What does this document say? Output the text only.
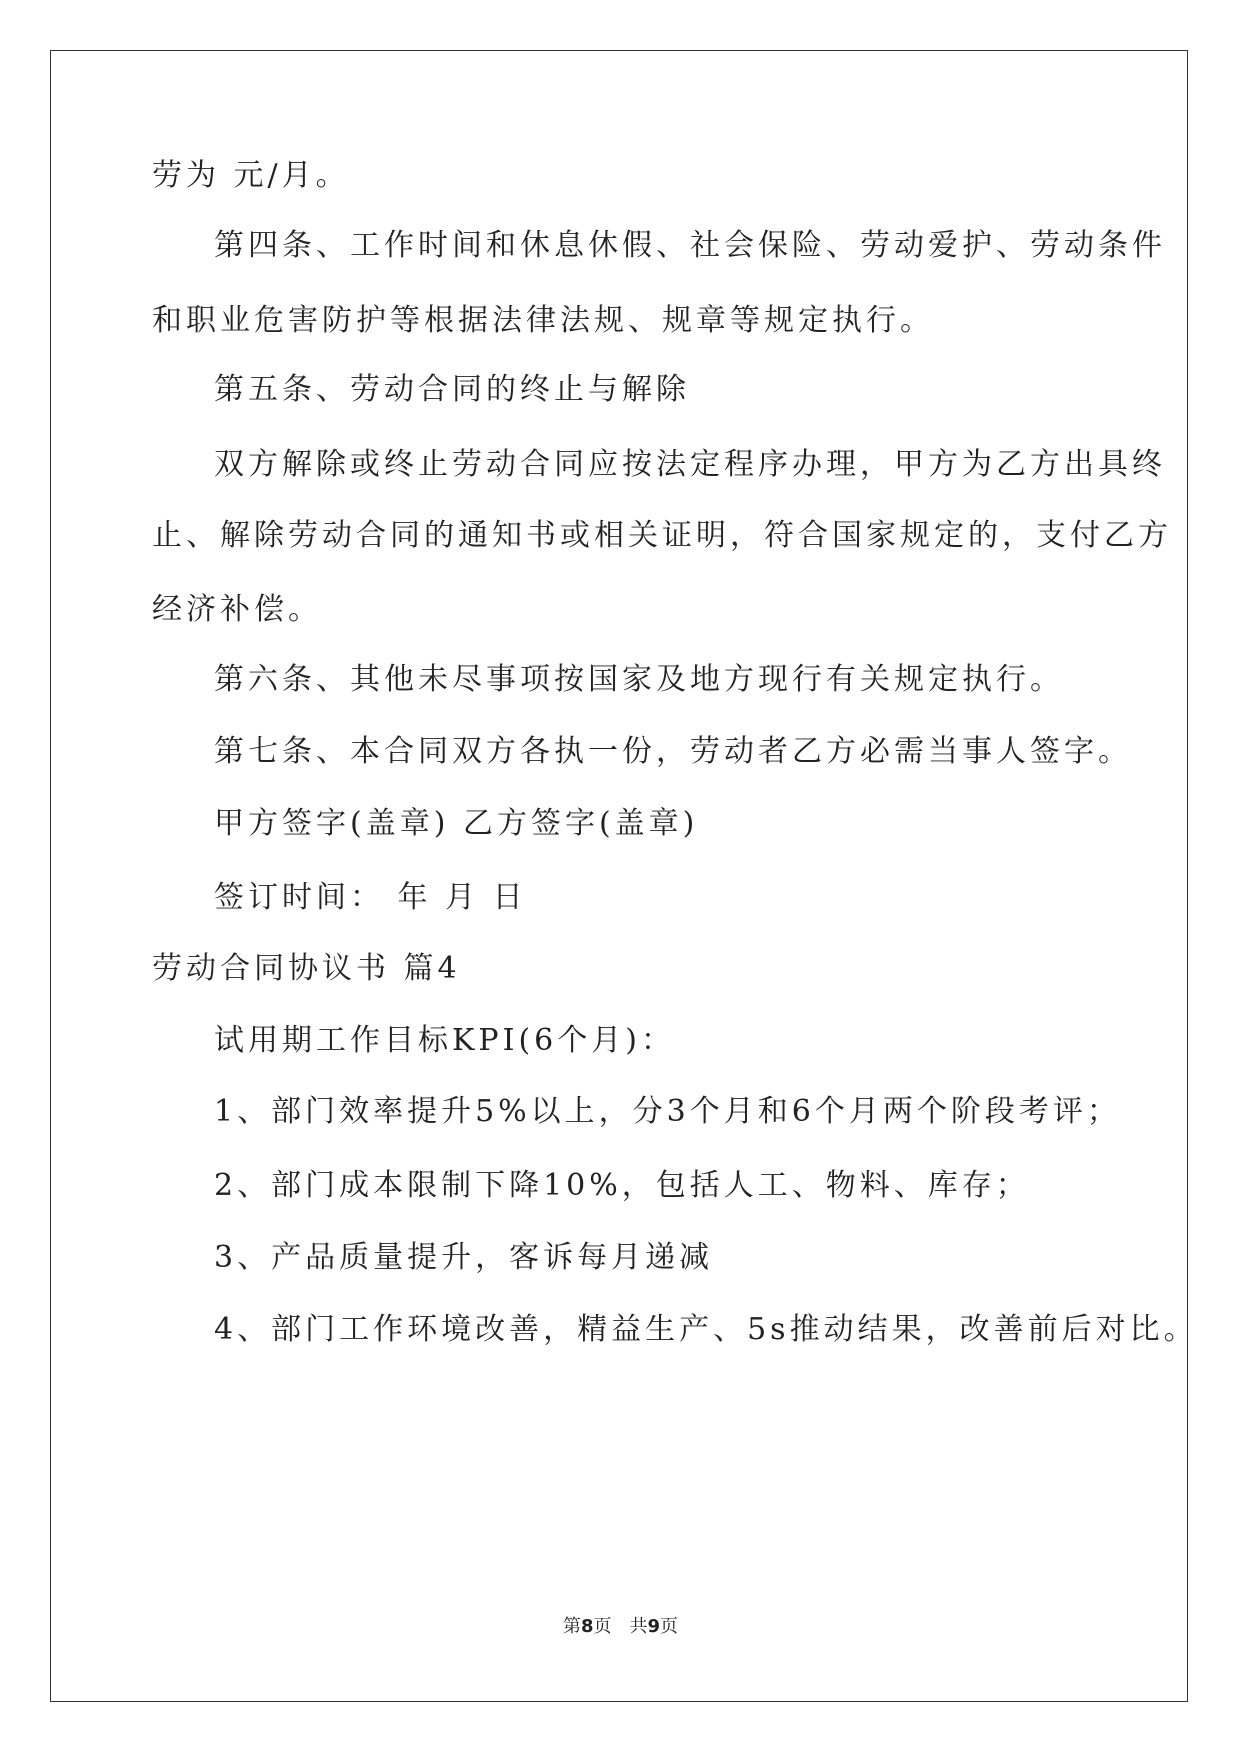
劳为 元/月。
第四条、工作时间和休息休假、社会保险、劳动爱护、劳动条件
和职业危害防护等根据法律法规、规章等规定执行。
第五条、劳动合同的终止与解除
双方解除或终止劳动合同应按法定程序办理，甲方为乙方出具终
止、解除劳动合同的通知书或相关证明，符合国家规定的，支付乙方
经济补偿。
第六条、其他未尽事项按国家及地方现行有关规定执行。
第七条、本合同双方各执一份，劳动者乙方必需当事人签字。
甲方签字(盖章) 乙方签字(盖章)
签订时间： 年 月 日
劳动合同协议书 篇4
试用期工作目标KPI(6个月)：
1、部门效率提升5%以上，分3个月和6个月两个阶段考评；
2、部门成本限制下降10%，包括人工、物料、库存；
3、产品质量提升，客诉每月递减
4、部门工作环境改善，精益生产、5s推动结果，改善前后对比。
第8页　共9页
